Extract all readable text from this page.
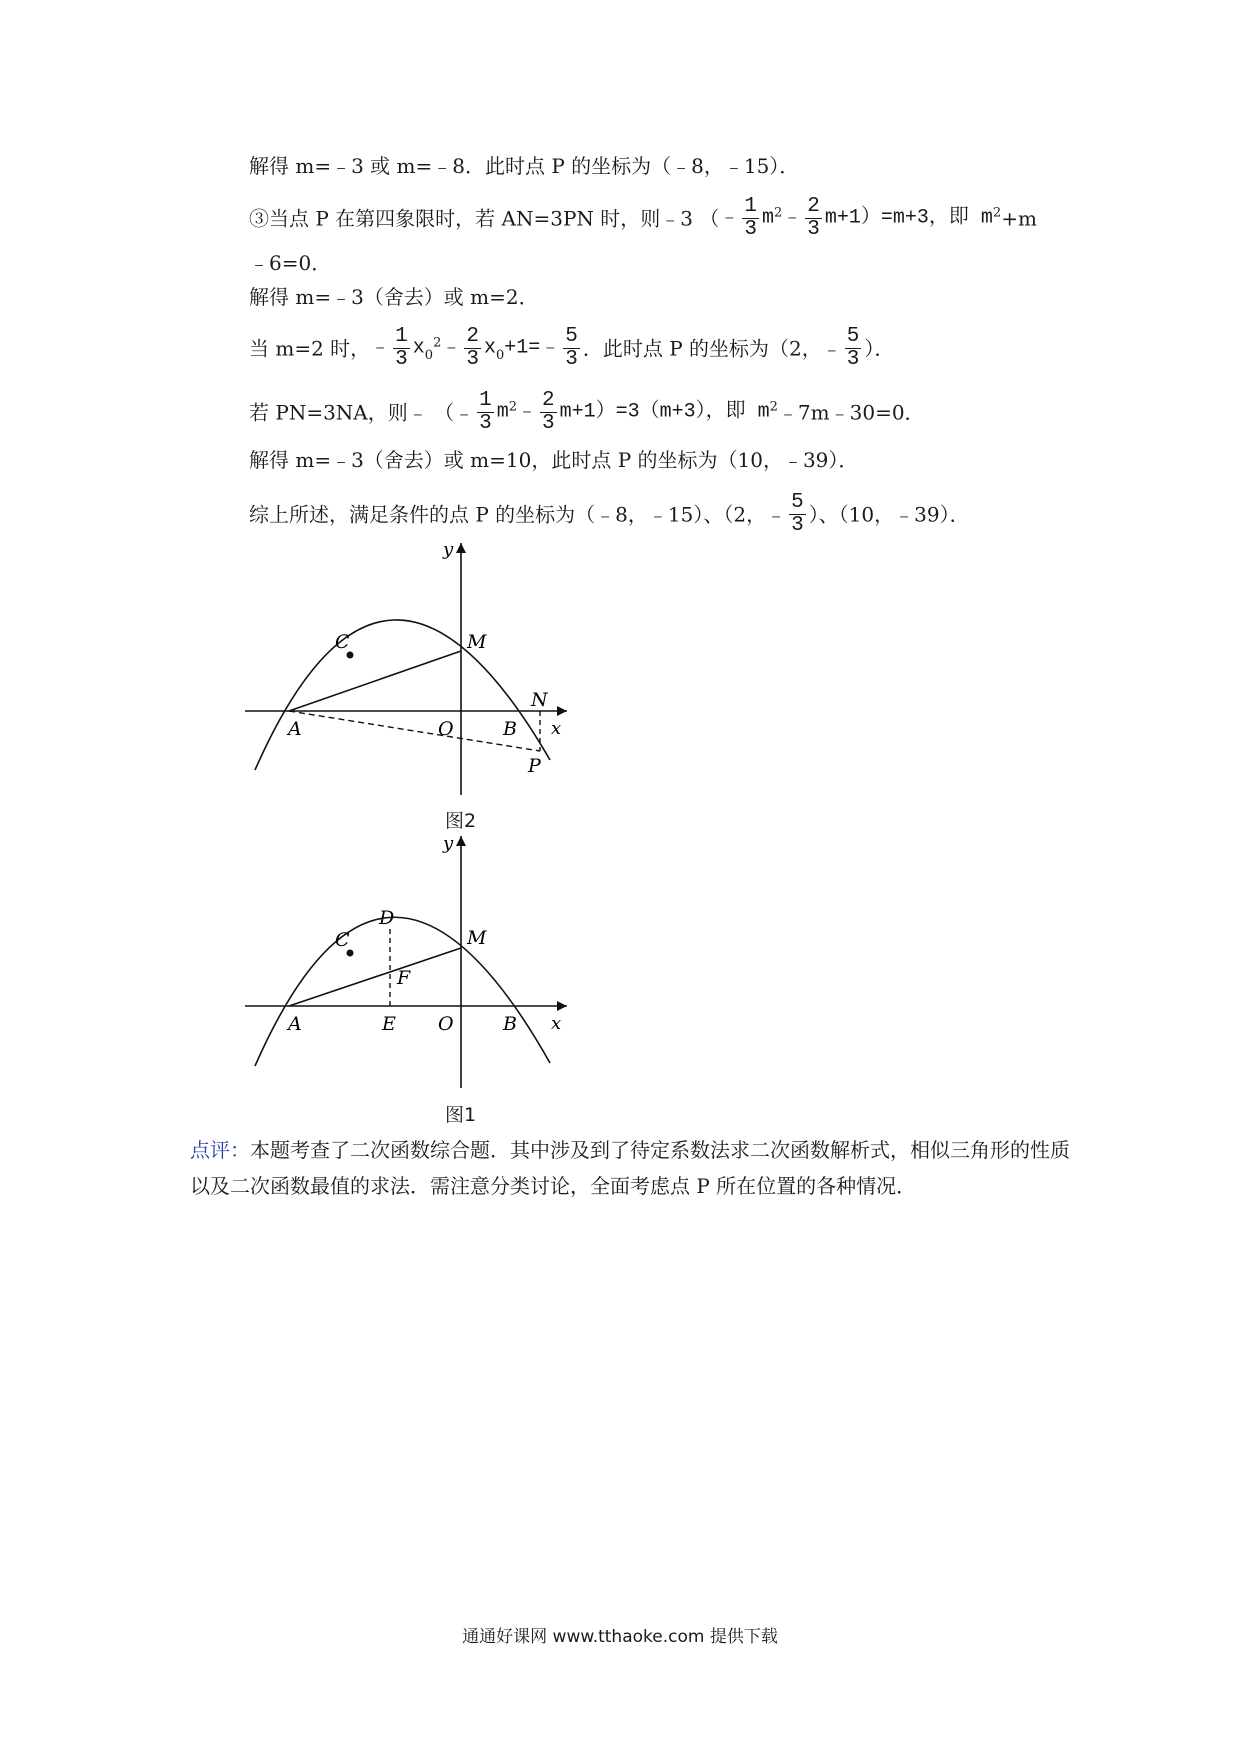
解得 m=﹣3 或 m=﹣8．此时点 P 的坐标为（﹣8，﹣15）．
③当点 P 在第四象限时，若 AN=3PN 时，则﹣3 （﹣ $\frac{1}{3}$ $m^2﹣ \frac{2}{3} m+1)=m+3$，即 $m^2+m$
﹣6=0．
解得 m=﹣3（舍去）或 m=2．
当 m=2 时，﹣ $\frac{1}{3}$ $x_0^2﹣ \frac{2}{3}$ $x_0+1=﹣ \frac{5}{3}$ ．此时点 P 的坐标为（2，﹣ $\frac{5}{3}$ ）．
若 PN=3NA，则﹣ （﹣ $\frac{1}{3}$ $m^2﹣ \frac{2}{3} m+1)=3(m+3)$，即 $m^2﹣7m﹣30=0$．
解得 m=﹣3（舍去）或 m=10，此时点 P 的坐标为（10，﹣39）．
综上所述，满足条件的点 P 的坐标为（﹣8，﹣15）、（2，﹣ $\frac{5}{3}$ ）、（10，﹣39）．
y
x
C	M
N
A	O	B
P
图2
y
x
C
D
M
F
A	E O	B
图1
点评：本题考查了二次函数综合题．其中涉及到了待定系数法求二次函数解析式，相似三角形的性质以及二次函数最值的求法．需注意分类讨论，全面考虑点 P 所在位置的各种情况．
通通好课网 www.tthaoke.com 提供下载
